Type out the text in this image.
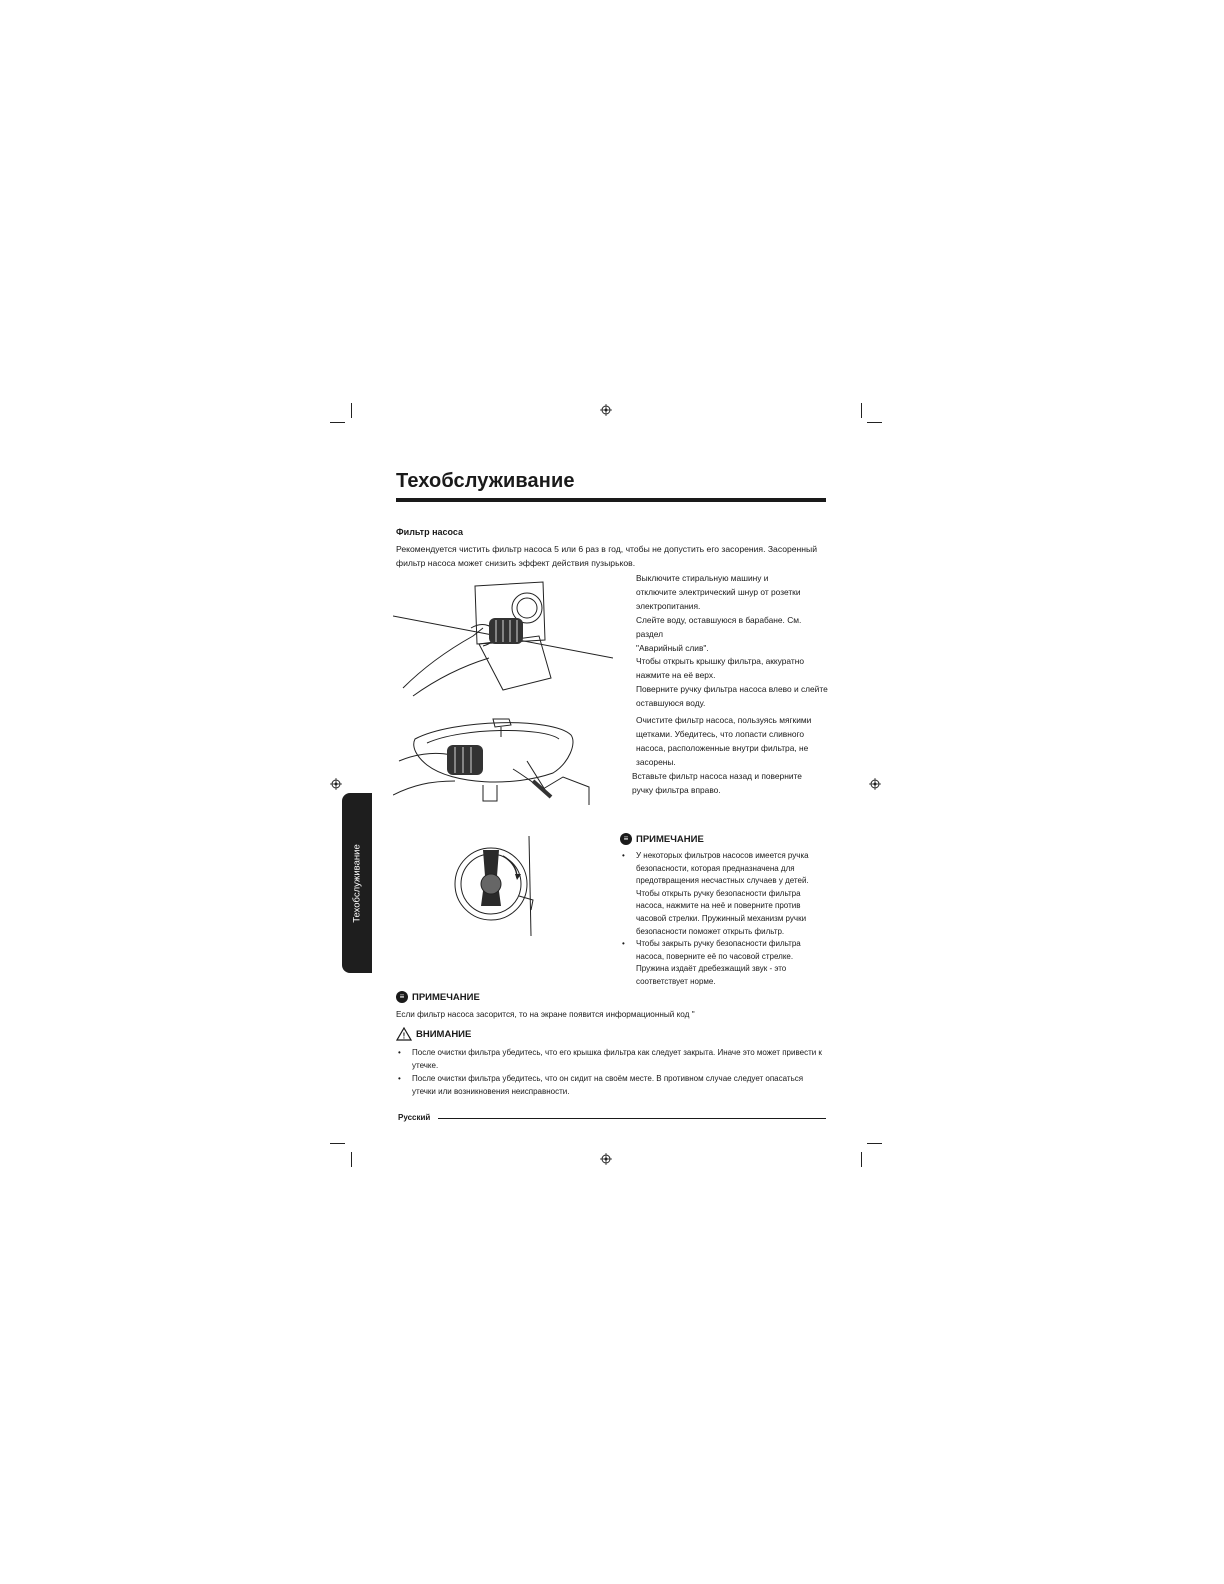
Техобслуживание
Техобслуживание
Фильтр насоса
Рекомендуется чистить фильтр насоса 5 или 6 раз в год, чтобы не допустить его засорения. Засоренный фильтр насоса может снизить эффект действия пузырьков.

Выключите стиральную машину и

отключите электрический шнур от розетки

электропитания.

Слейте воду, оставшуюся в барабане. См. раздел

"Аварийный слив".

Чтобы открыть крышку фильтра, аккуратно

нажмите на её верх.

Поверните ручку фильтра насоса влево и слейте

оставшуюся воду.

Очистите фильтр насоса, пользуясь мягкими

щетками. Убедитесь, что лопасти сливного

насоса, расположенные внутри фильтра, не

засорены.

Вставьте фильтр насоса назад и поверните

ручку фильтра вправо.

≡ ПРИМЕЧАНИЕ
• У некоторых фильтров насосов имеется ручка безопасности, которая предназначена для предотвращения несчастных случаев у детей. Чтобы открыть ручку безопасности фильтра насоса, нажмите на неё и поверните против часовой стрелки. Пружинный механизм ручки безопасности поможет открыть фильтр.
• Чтобы закрыть ручку безопасности фильтра насоса, поверните её по часовой стрелке. Пружина издаёт дребезжащий звук - это соответствует норме.
≡ ПРИМЕЧАНИЕ
Если фильтр насоса засорится, то на экране появится информационный код "
! ВНИМАНИЕ
• После очистки фильтра убедитесь, что его крышка фильтра как следует закрыта. Иначе это может привести к утечке.
• После очистки фильтра убедитесь, что он сидит на своём месте. В противном случае следует опасаться утечки или возникновения неисправности.
Русский
